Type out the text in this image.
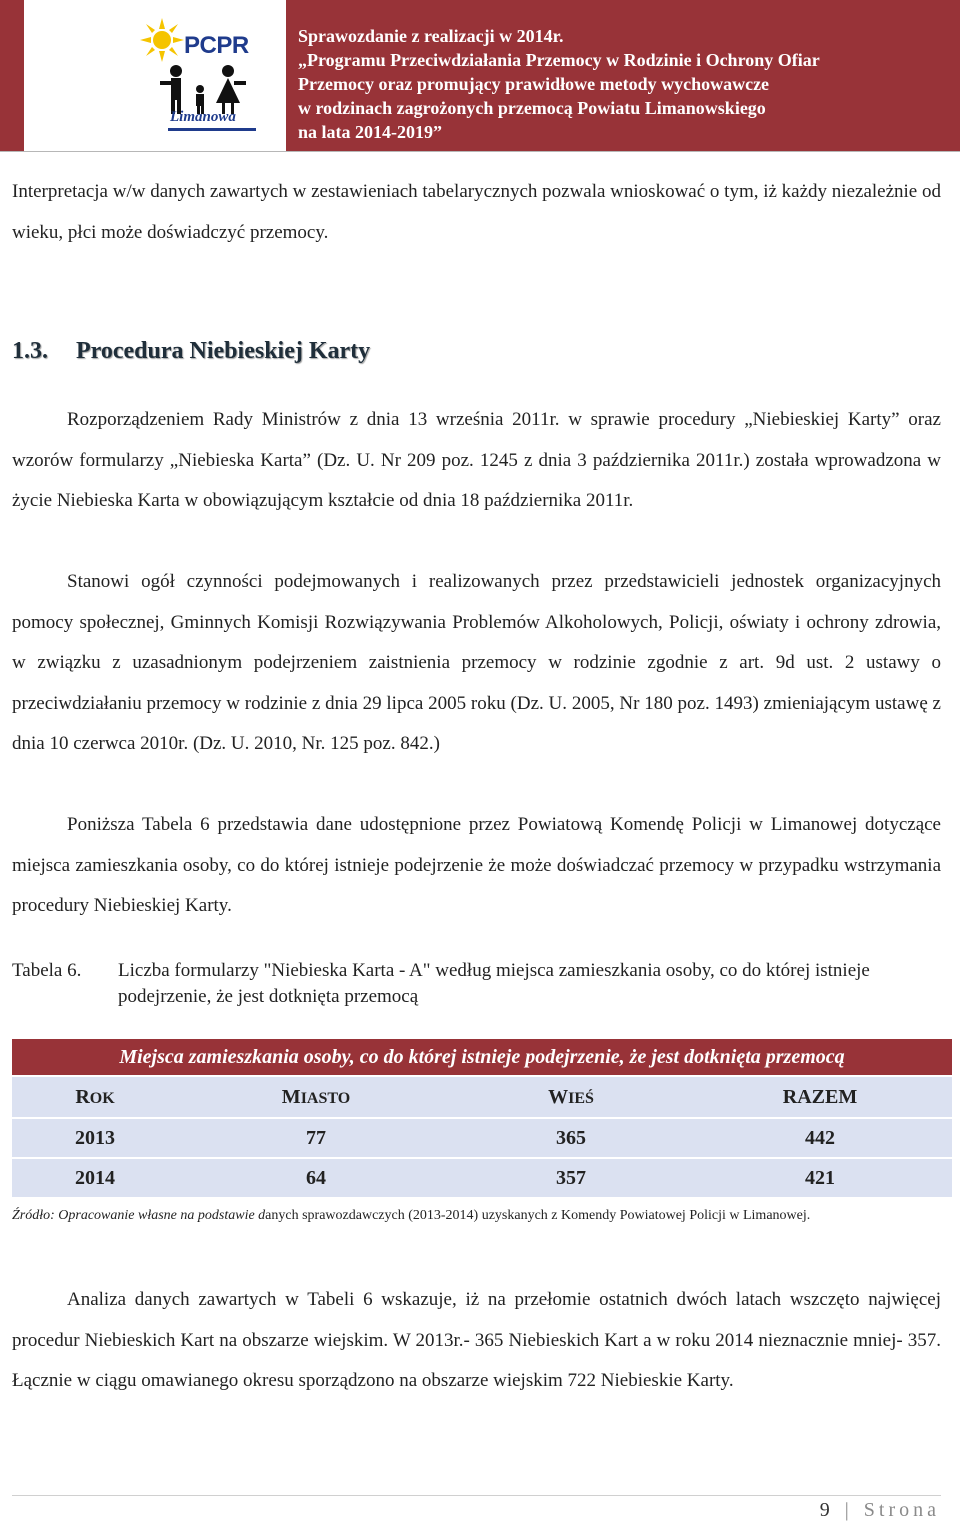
PCPR
Limanowa
Sprawozdanie z realizacji w 2014r.
„Programu Przeciwdziałania Przemocy w Rodzinie i Ochrony Ofiar
Przemocy oraz promujący prawidłowe metody wychowawcze
w rodzinach zagrożonych przemocą Powiatu Limanowskiego
na lata 2014-2019”

Interpretacja w/w danych zawartych w zestawieniach tabelarycznych pozwala wnioskować o tym, iż każdy niezależnie od wieku, płci może doświadczyć przemocy.

1.3. Procedura Niebieskiej Karty

Rozporządzeniem Rady Ministrów z dnia 13 września 2011r. w sprawie procedury „Niebieskiej Karty” oraz wzorów formularzy „Niebieska Karta” (Dz. U. Nr 209 poz. 1245 z dnia 3 października 2011r.) została wprowadzona w życie Niebieska Karta w obowiązującym kształcie od dnia 18 października 2011r.

Stanowi ogół czynności podejmowanych i realizowanych przez przedstawicieli jednostek organizacyjnych pomocy społecznej, Gminnych Komisji Rozwiązywania Problemów Alkoholowych, Policji, oświaty i ochrony zdrowia, w związku z uzasadnionym podejrzeniem zaistnienia przemocy w rodzinie zgodnie z art. 9d ust. 2 ustawy o przeciwdziałaniu przemocy w rodzinie z dnia 29 lipca 2005 roku (Dz. U. 2005, Nr 180 poz. 1493) zmieniającym ustawę z dnia 10 czerwca 2010r. (Dz. U. 2010, Nr. 125 poz. 842.)

Poniższa Tabela 6 przedstawia dane udostępnione przez Powiatową Komendę Policji w Limanowej dotyczące miejsca zamieszkania osoby, co do której istnieje podejrzenie że może doświadczać przemocy w przypadku wstrzymania procedury Niebieskiej Karty.

Tabela 6. Liczba formularzy "Niebieska Karta - A" według miejsca zamieszkania osoby, co do której istnieje podejrzenie, że jest dotknięta przemocą
Miejsca zamieszkania osoby, co do której istnieje podejrzenie, że jest dotknięta przemocą			
ROK	MIASTO	WIEŚ	RAZEM
2013	77	365	442
2014	64	357	421
Źródło: Opracowanie własne na podstawie danych sprawozdawczych (2013-2014) uzyskanych z Komendy Powiatowej Policji w Limanowej.

Analiza danych zawartych w Tabeli 6 wskazuje, iż na przełomie ostatnich dwóch latach wszczęto najwięcej procedur Niebieskich Kart na obszarze wiejskim. W 2013r.- 365 Niebieskich Kart a w roku 2014 nieznacznie mniej- 357. Łącznie w ciągu omawianego okresu sporządzono na obszarze wiejskim 722 Niebieskie Karty.

9 | Strona
